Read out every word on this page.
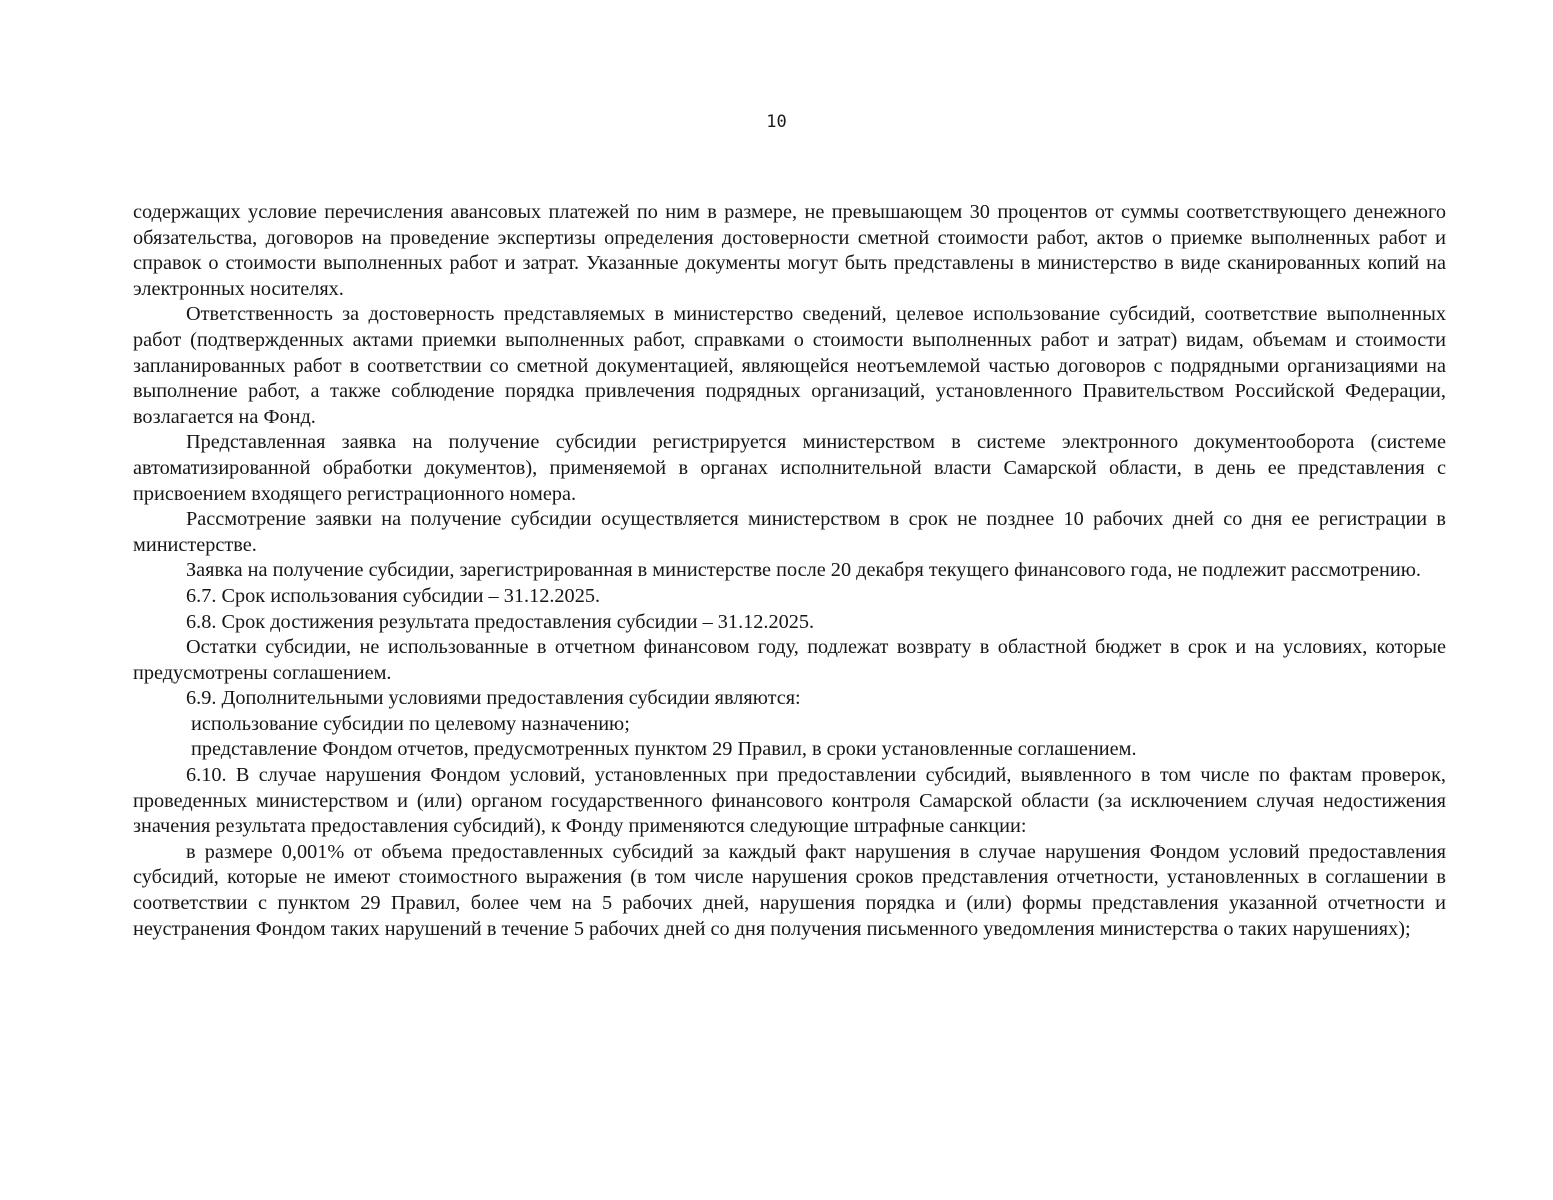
10

содержащих условие перечисления авансовых платежей по ним в размере, не превышающем 30 процентов от суммы соответствующего денежного обязательства, договоров на проведение экспертизы определения достоверности сметной стоимости работ, актов о приемке выполненных работ и справок о стоимости выполненных работ и затрат. Указанные документы могут быть представлены в министерство в виде сканированных копий на электронных носителях.

Ответственность за достоверность представляемых в министерство сведений, целевое использование субсидий, соответствие выполненных работ (подтвержденных актами приемки выполненных работ, справками о стоимости выполненных работ и затрат) видам, объемам и стоимости запланированных работ в соответствии со сметной документацией, являющейся неотъемлемой частью договоров с подрядными организациями на выполнение работ, а также соблюдение порядка привлечения подрядных организаций, установленного Правительством Российской Федерации, возлагается на Фонд.

Представленная заявка на получение субсидии регистрируется министерством в системе электронного документооборота (системе автоматизированной обработки документов), применяемой в органах исполнительной власти Самарской области, в день ее представления с присвоением входящего регистрационного номера.

Рассмотрение заявки на получение субсидии осуществляется министерством в срок не позднее 10 рабочих дней со дня ее регистрации в министерстве.

Заявка на получение субсидии, зарегистрированная в министерстве после 20 декабря текущего финансового года, не подлежит рассмотрению.

6.7. Срок использования субсидии – 31.12.2025.

6.8. Срок достижения результата предоставления субсидии – 31.12.2025.

Остатки субсидии, не использованные в отчетном финансовом году, подлежат возврату в областной бюджет в срок и на условиях, которые предусмотрены соглашением.

6.9. Дополнительными условиями предоставления субсидии являются:

использование субсидии по целевому назначению;

представление Фондом отчетов, предусмотренных пунктом 29 Правил, в сроки установленные соглашением.

6.10. В случае нарушения Фондом условий, установленных при предоставлении субсидий, выявленного в том числе по фактам проверок, проведенных министерством и (или) органом государственного финансового контроля Самарской области (за исключением случая недостижения значения результата предоставления субсидий), к Фонду применяются следующие штрафные санкции:

в размере 0,001% от объема предоставленных субсидий за каждый факт нарушения в случае нарушения Фондом условий предоставления субсидий, которые не имеют стоимостного выражения (в том числе нарушения сроков представления отчетности, установленных в соглашении в соответствии с пунктом 29 Правил, более чем на 5 рабочих дней, нарушения порядка и (или) формы представления указанной отчетности и неустранения Фондом таких нарушений в течение 5 рабочих дней со дня получения письменного уведомления министерства о таких нарушениях);
